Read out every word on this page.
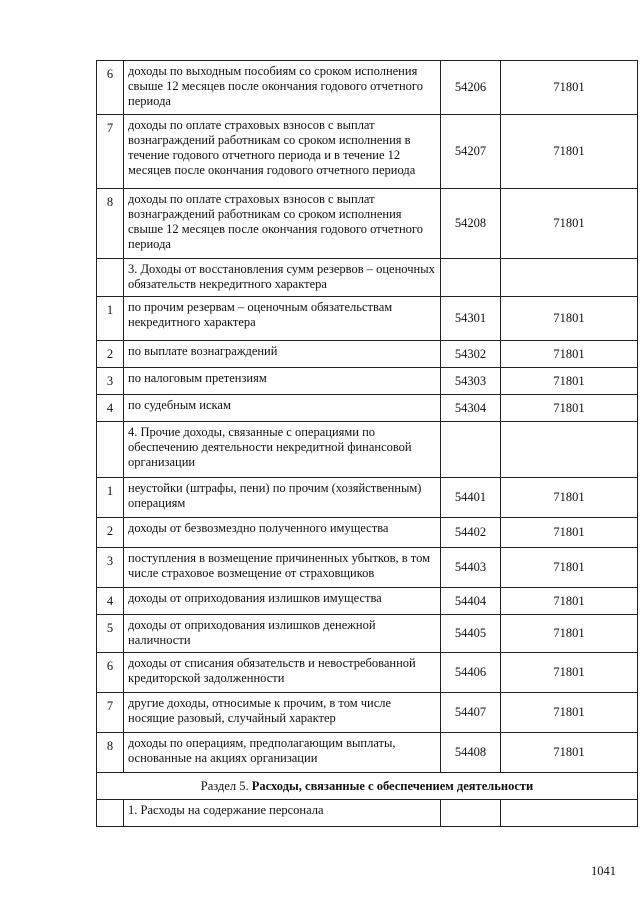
6	доходы по выходным пособиям со сроком исполнения свыше 12 месяцев после окончания годового отчетного периода	54206	71801
7	доходы по оплате страховых взносов с выплат вознаграждений работникам со сроком исполнения в течение годового отчетного периода и в течение 12 месяцев после окончания годового отчетного периода	54207	71801
8	доходы по оплате страховых взносов с выплат вознаграждений работникам со сроком исполнения свыше 12 месяцев после окончания годового отчетного периода	54208	71801
	3. Доходы от восстановления сумм резервов – оценочных обязательств некредитного характера		
1	по прочим резервам – оценочным обязательствам некредитного характера	54301	71801
2	по выплате вознаграждений	54302	71801
3	по налоговым претензиям	54303	71801
4	по судебным искам	54304	71801
	4. Прочие доходы, связанные с операциями по обеспечению деятельности некредитной финансовой организации		
1	неустойки (штрафы, пени) по прочим (хозяйственным) операциям	54401	71801
2	доходы от безвозмездно полученного имущества	54402	71801
3	поступления в возмещение причиненных убытков, в том числе страховое возмещение от страховщиков	54403	71801
4	доходы от оприходования излишков имущества	54404	71801
5	доходы от оприходования излишков денежной наличности	54405	71801
6	доходы от списания обязательств и невостребованной кредиторской задолженности	54406	71801
7	другие доходы, относимые к прочим, в том числе носящие разовый, случайный характер	54407	71801
8	доходы по операциям, предполагающим выплаты, основанные на акциях организации	54408	71801
Раздел 5. Расходы, связанные с обеспечением деятельности			
	1. Расходы на содержание персонала		
1041
